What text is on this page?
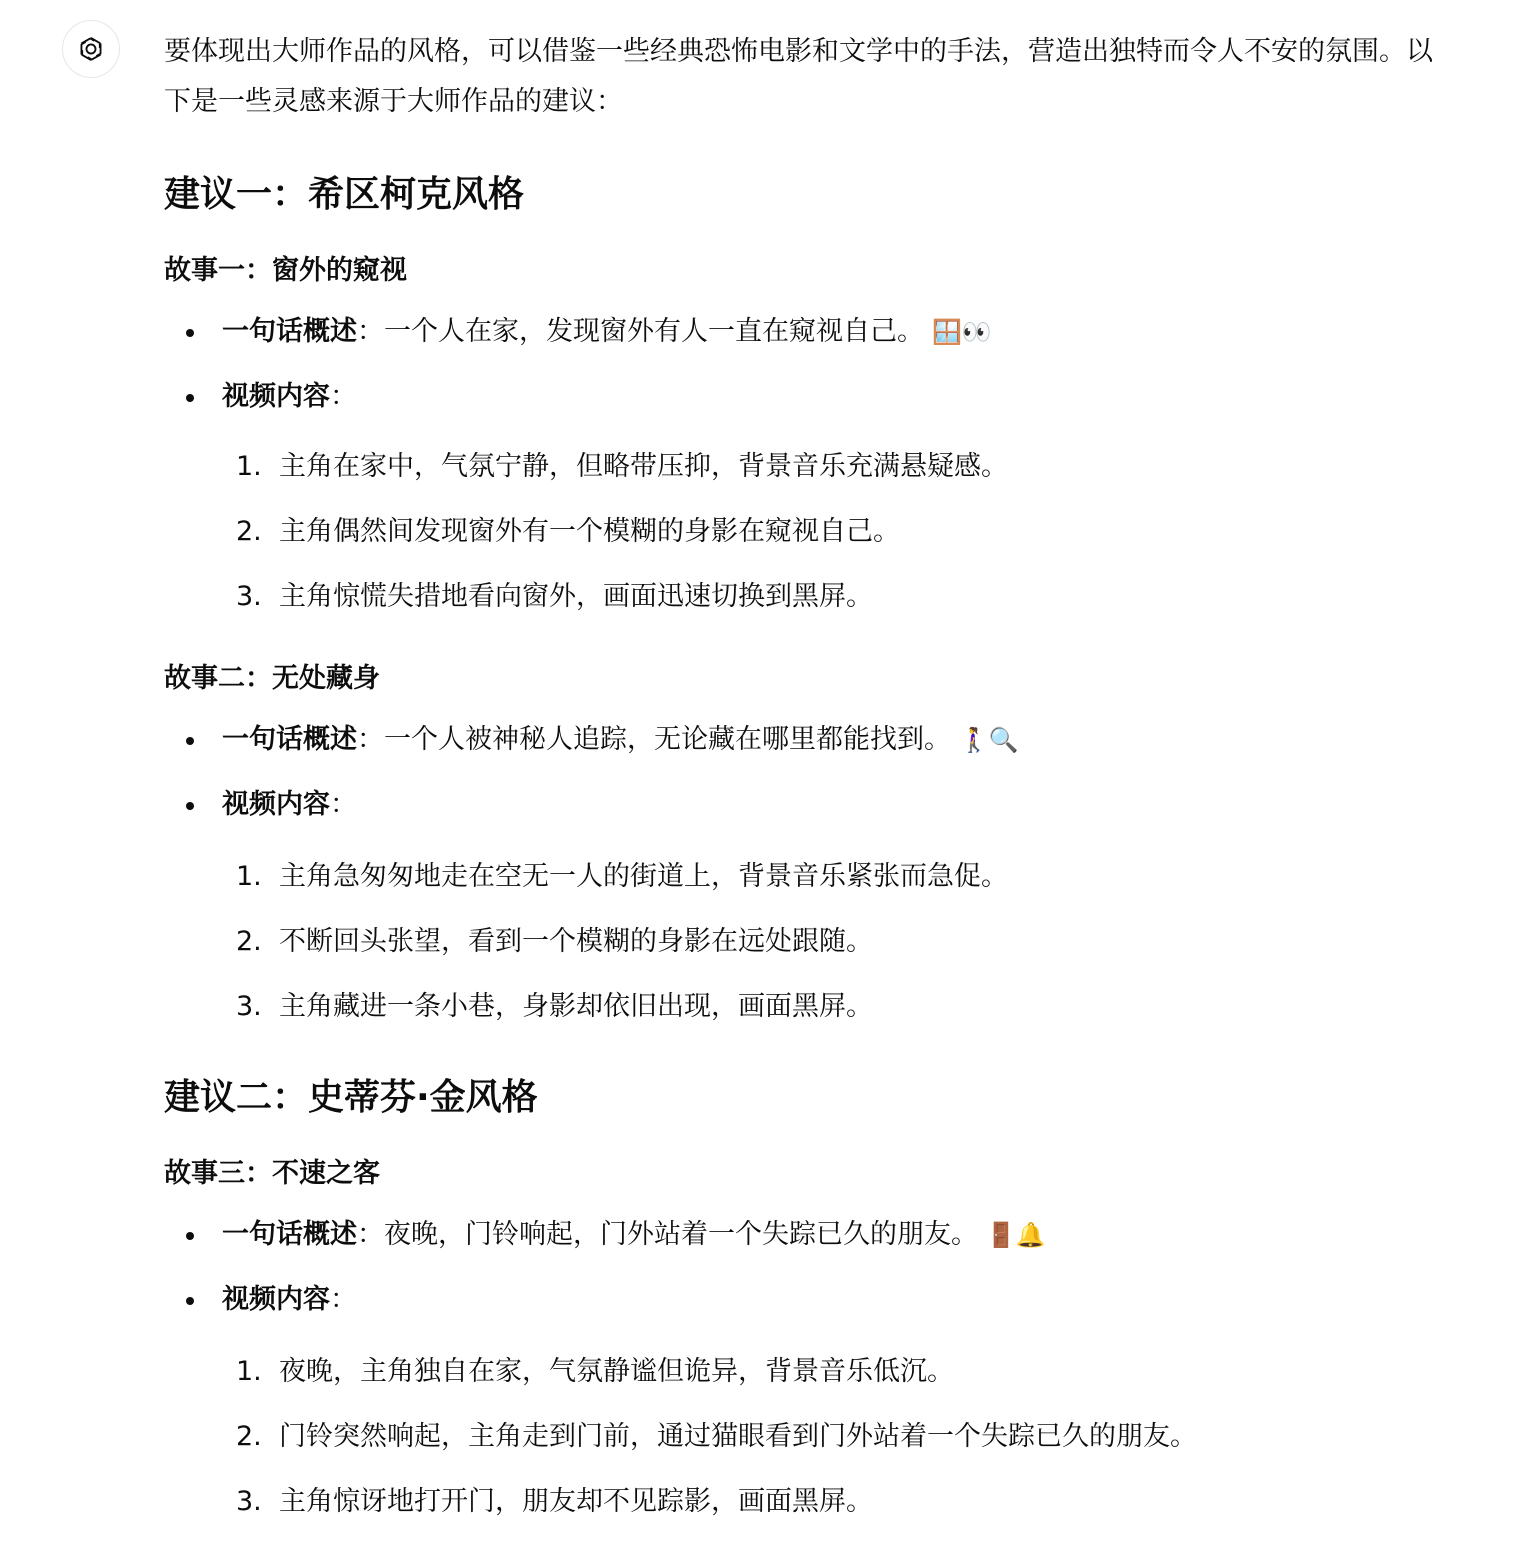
要体现出大师作品的风格，可以借鉴一些经典恐怖电影和文学中的手法，营造出独特而令人不安的氛围。以下是一些灵感来源于大师作品的建议：

建议一：希区柯克风格
故事一：窗外的窥视
一句话概述：一个人在家，发现窗外有人一直在窥视自己。 🪟👀
视频内容：
1. 主角在家中，气氛宁静，但略带压抑，背景音乐充满悬疑感。
2. 主角偶然间发现窗外有一个模糊的身影在窥视自己。
3. 主角惊慌失措地看向窗外，画面迅速切换到黑屏。
故事二：无处藏身
一句话概述：一个人被神秘人追踪，无论藏在哪里都能找到。 🚶‍♀️🔍
视频内容：
1. 主角急匆匆地走在空无一人的街道上，背景音乐紧张而急促。
2. 不断回头张望，看到一个模糊的身影在远处跟随。
3. 主角藏进一条小巷，身影却依旧出现，画面黑屏。
建议二：史蒂芬·金风格
故事三：不速之客
一句话概述：夜晚，门铃响起，门外站着一个失踪已久的朋友。 🚪🔔
视频内容：
1. 夜晚，主角独自在家，气氛静谧但诡异，背景音乐低沉。
2. 门铃突然响起，主角走到门前，通过猫眼看到门外站着一个失踪已久的朋友。
3. 主角惊讶地打开门，朋友却不见踪影，画面黑屏。
